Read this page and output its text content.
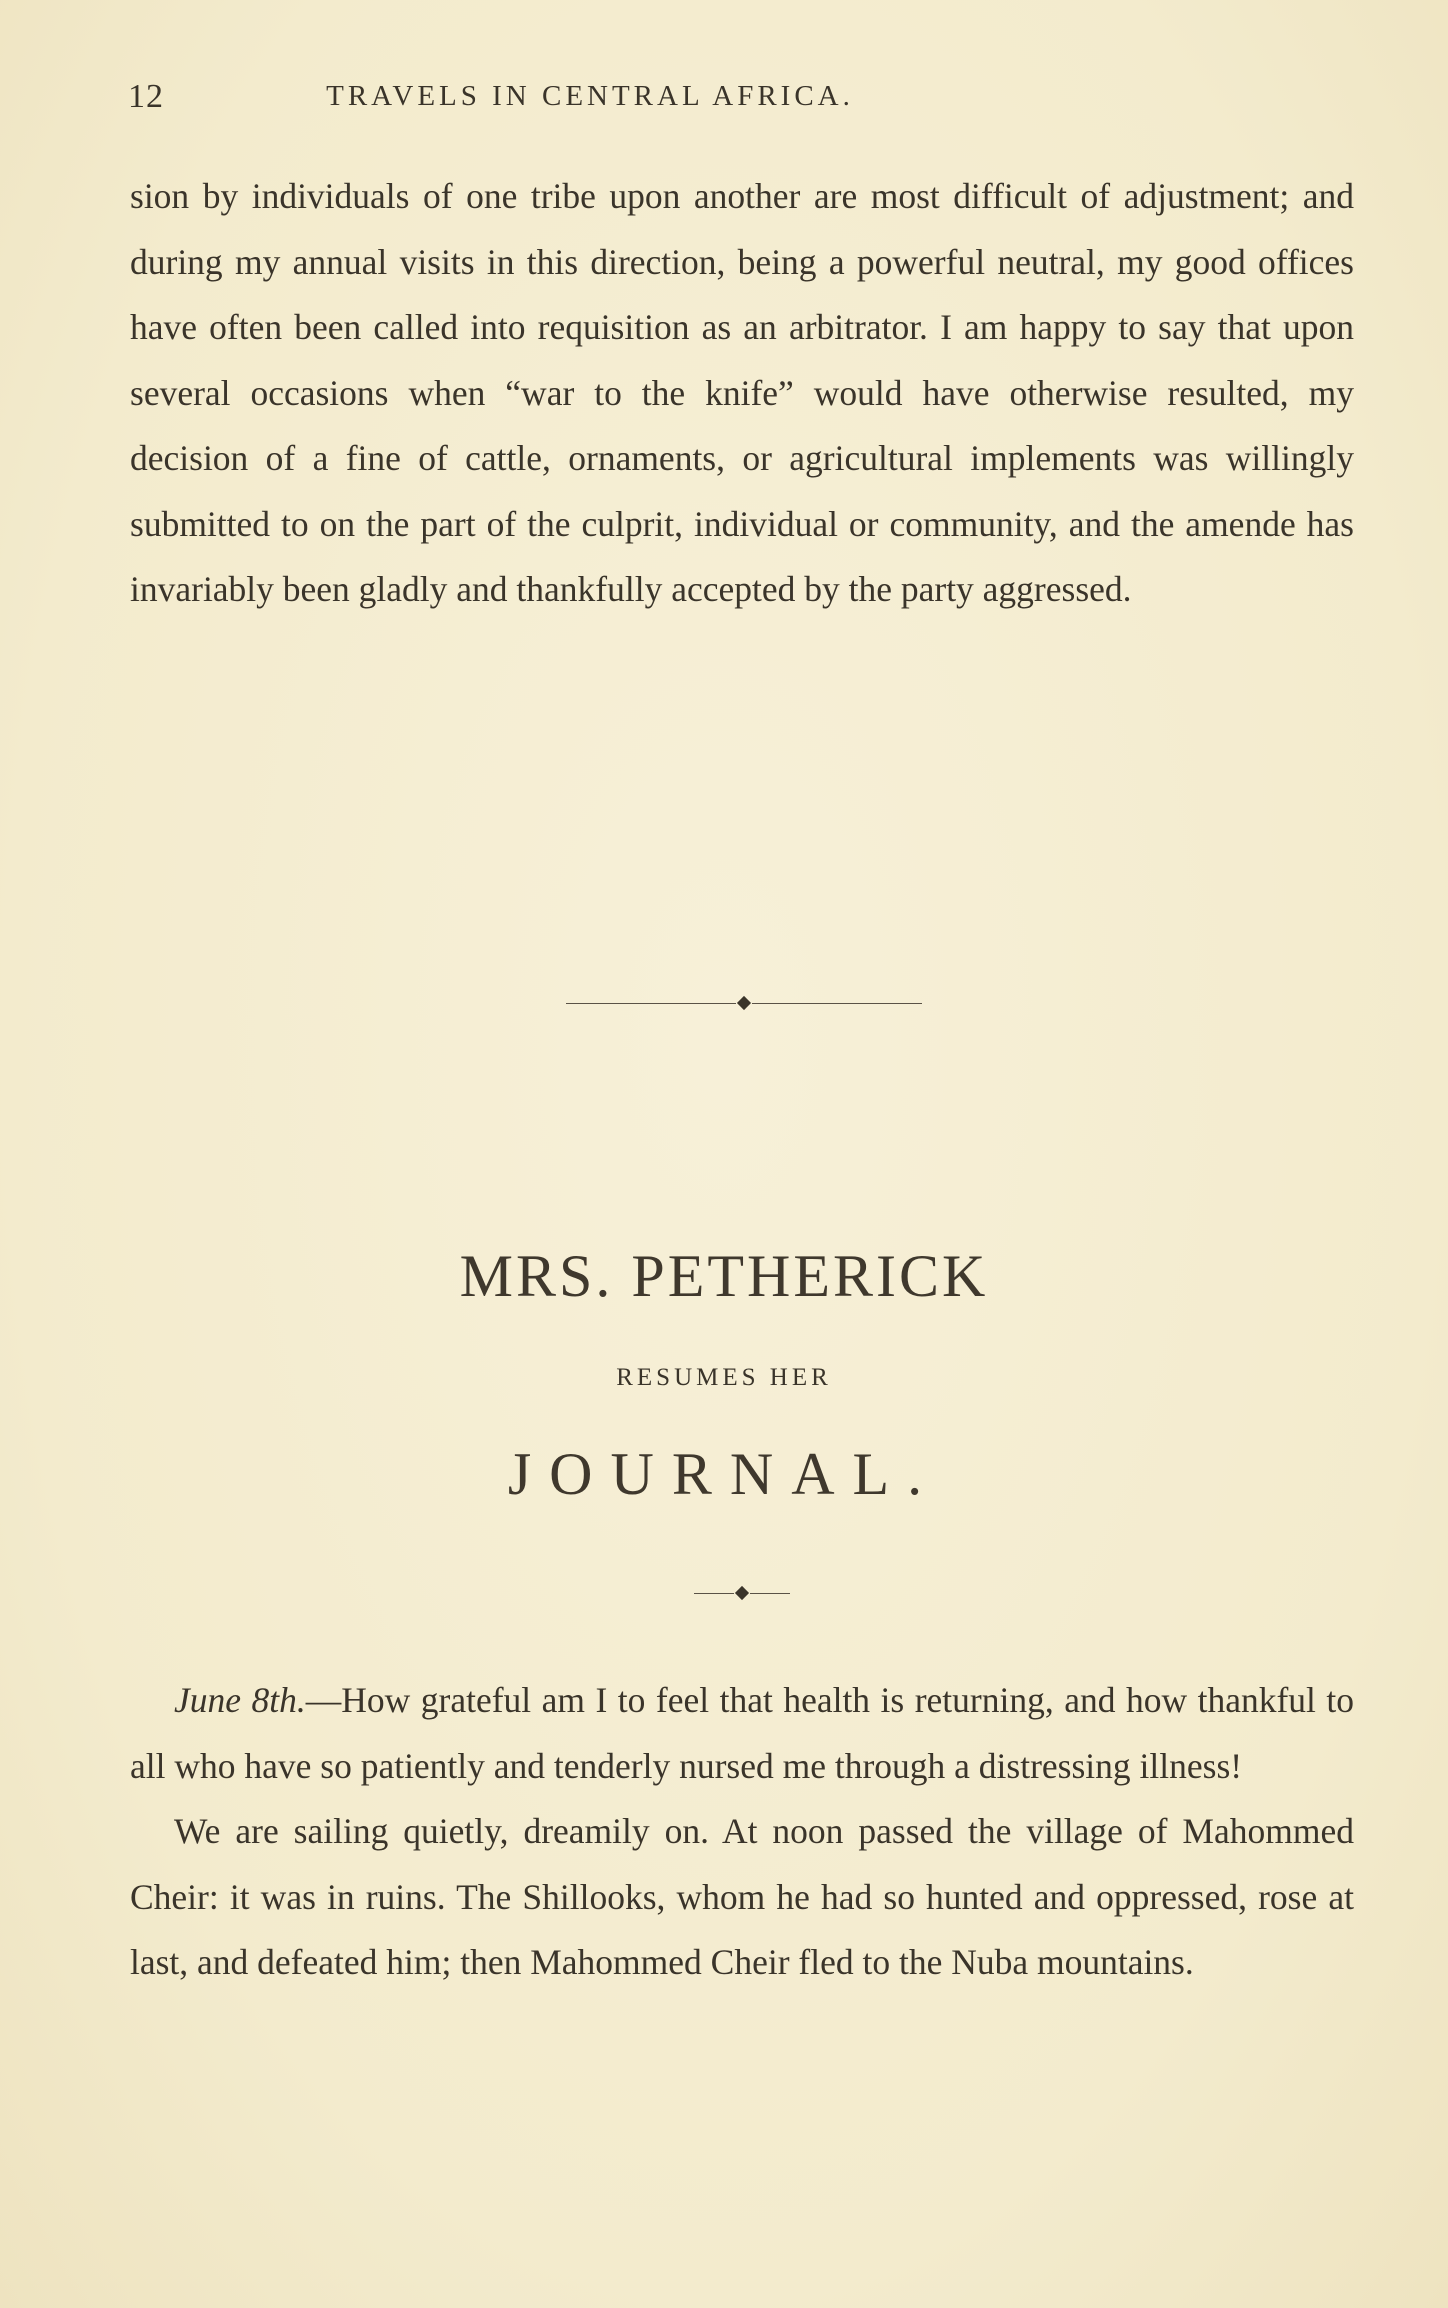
12	TRAVELS IN CENTRAL AFRICA.

sion by individuals of one tribe upon another are most difficult of adjustment; and during my annual visits in this direction, being a powerful neutral, my good offices have often been called into requisition as an arbitrator. I am happy to say that upon several occasions when “war to the knife” would have otherwise resulted, my decision of a fine of cattle, ornaments, or agricultural implements was willingly submitted to on the part of the culprit, individual or community, and the amende has invariably been gladly and thankfully accepted by the party aggressed.

MRS. PETHERICK
RESUMES HER
JOURNAL.

June 8th.—How grateful am I to feel that health is returning, and how thankful to all who have so patiently and tenderly nursed me through a distressing illness!

We are sailing quietly, dreamily on. At noon passed the village of Mahommed Cheir: it was in ruins. The Shillooks, whom he had so hunted and oppressed, rose at last, and defeated him; then Mahommed Cheir fled to the Nuba mountains.
